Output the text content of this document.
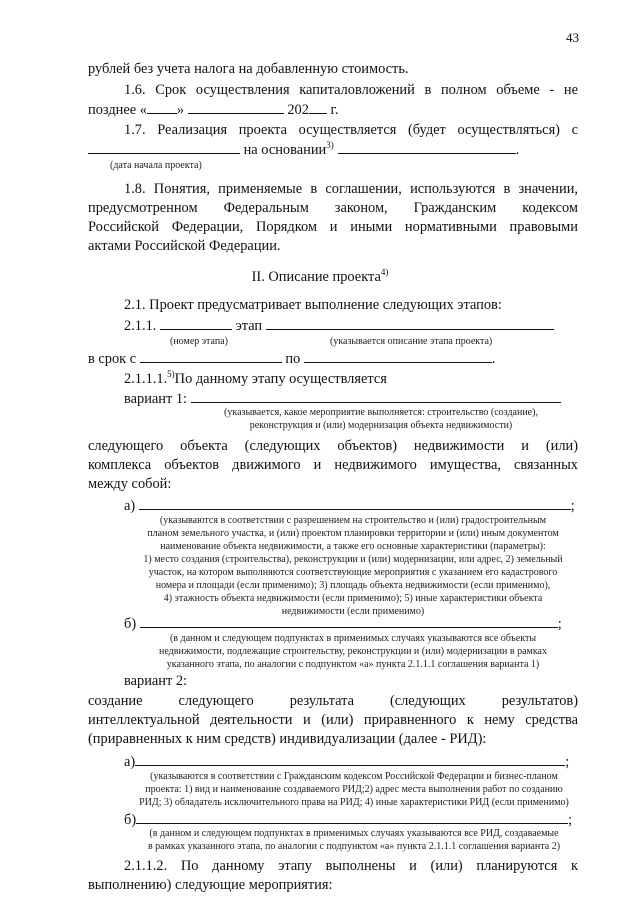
43
рублей без учета налога на добавленную стоимость.
1.6. Срок осуществления капиталовложений в полном объеме - не
позднее « »	202 г.
1.7. Реализация проекта осуществляется (будет осуществляться) с
на основании$^{3)}$	.
(дата начала проекта)
1.8. Понятия, применяемые в соглашении, используются в значении,
предусмотренном Федеральным законом, Гражданским кодексом
Российской Федерации, Порядком и иными нормативными правовыми
актами Российской Федерации.
II. Описание проекта$^{4)}$
2.1. Проект предусматривает выполнение следующих этапов:
2.1.1.	этап
(номер этапа)	(указывается описание этапа проекта)
в срок с	по	.
2.1.1.1.$^{5)}$По данному этапу осуществляется
вариант 1:
(указывается, какое мероприятие выполняется: строительство (создание),
реконструкция и (или) модернизация объекта недвижимости)
следующего объекта (следующих объектов) недвижимости и (или)
комплекса объектов движимого и недвижимого имущества, связанных
между собой:
а)	;
(указываются в соответствии с разрешением на строительство и (или) градостроительным
планом земельного участка, и (или) проектом планировки территории и (или) иным документом
наименование объекта недвижимости, а также его основные характеристики (параметры):
1) место создания (строительства), реконструкции и (или) модернизации, или адрес, 2) земельный
участок, на котором выполняются соответствующие мероприятия с указанием его кадастрового
номера и площади (если применимо); 3) площадь объекта недвижимости (если применимо),
4) этажность объекта недвижимости (если применимо); 5) иные характеристики объекта
недвижимости (если применимо)
б)	;
(в данном и следующем подпунктах в применимых случаях указываются все объекты
недвижимости, подлежащие строительству, реконструкции и (или) модернизации в рамках
указанного этапа, по аналогии с подпунктом «а» пункта 2.1.1.1 соглашения варианта 1)
вариант 2:
создание следующего результата (следующих результатов)
интеллектуальной деятельности и (или) приравненного к нему средства
(приравненных к ним средств) индивидуализации (далее - РИД):
а)	;
(указываются в соответствии с Гражданским кодексом Российской Федерации и бизнес-планом
проекта: 1) вид и наименование создаваемого РИД;2) адрес места выполнения работ по созданию
РИД; 3) обладатель исключительного права на РИД; 4) иные характеристики РИД (если применимо)
б)	;
(в данном и следующем подпунктах в применимых случаях указываются все РИД, создаваемые
в рамках указанного этапа, по аналогии с подпунктом «а» пункта 2.1.1.1 соглашения варианта 2)
2.1.1.2. По данному этапу выполнены и (или) планируются к
выполнению) следующие мероприятия:
